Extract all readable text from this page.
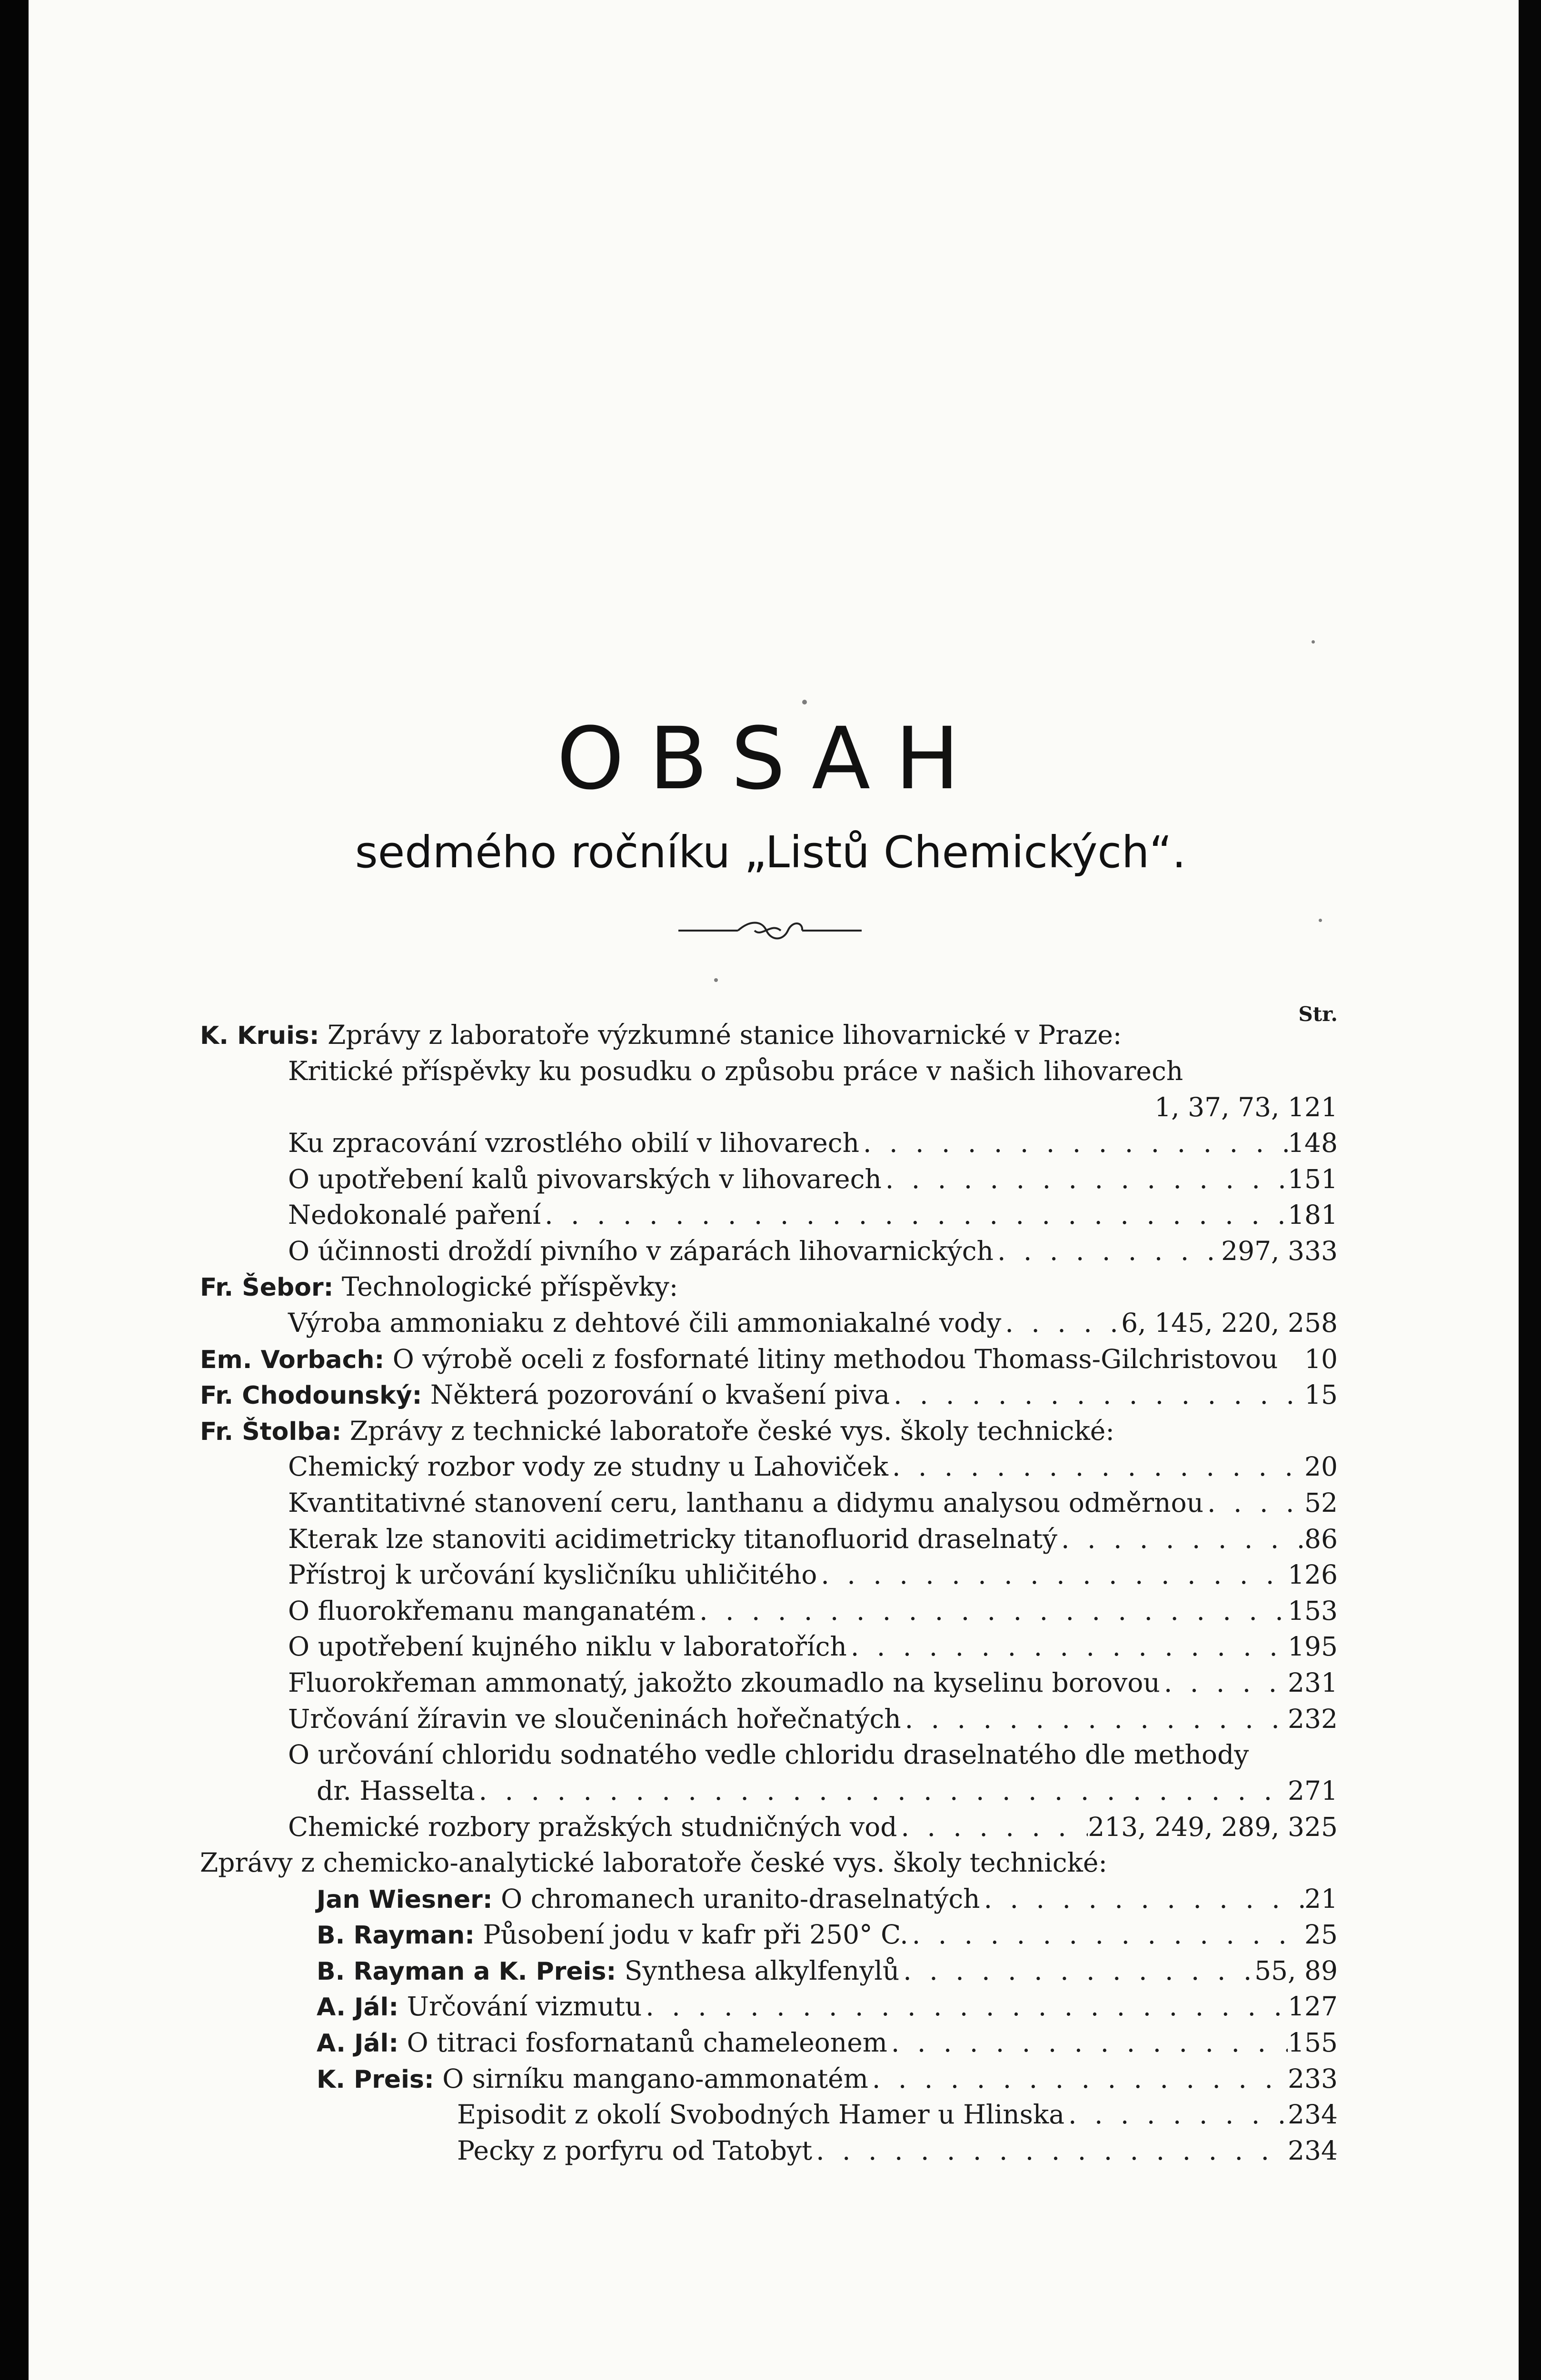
OBSAH
sedmého ročníku „Listů Chemických“.
Str.
K. Kruis:
Zprávy z laboratoře výzkumné stanice lihovarnické v Praze:
Kritické příspěvky ku posudku o způsobu práce v našich lihovarech
1, 37, 73, 121
Ku zpracování vzrostlého obilí v lihovarech . . .	148
O upotřebení kalů pivovarských v lihovarech . . .	151
Nedokonalé paření . . .	181
O účinnosti droždí pivního v záparách lihovarnických . . .	297, 333
Fr. Šebor:
Technologické příspěvky:
Výroba ammoniaku z dehtové čili ammoniakalné vody . . .	6, 145, 220, 258
Em. Vorbach:
O výrobě oceli z fosfornaté litiny methodou Thomass-Gilchristovou 10
Fr. Chodounský:
Některá pozorování o kvašení piva . . .	15
Fr. Štolba:
Zprávy z technické laboratoře české vys. školy technické:
Chemický rozbor vody ze studny u Lahoviček . . .	20
Kvantitativné stanovení ceru, lanthanu a didymu analysou odměrnou . . .	52
Kterak lze stanoviti acidimetricky titanofluorid draselnatý . . .	86
Přístroj k určování kysličníku uhličitého . . .	126
O fluorokřemanu manganatém . . .	153
O upotřebení kujného niklu v laboratořích . . .	195
Fluorokřeman ammonatý, jakožto zkoumadlo na kyselinu borovou . . .	231
Určování žíravin ve sloučeninách hořečnatých . . .	232
O určování chloridu sodnatého vedle chloridu draselnatého dle methody
dr. Hasselta . . .	271
Chemické rozbory pražských studničných vod . . .	213, 249, 289, 325
Zprávy z chemicko-analytické laboratoře české vys. školy technické:
Jan Wiesner:
O chromanech uranito-draselnatých . . .	21
B. Rayman:
Působení jodu v kafr při 250° C. . . .	25
B. Rayman a K. Preis:
Synthesa alkylfenylů . . .	55, 89
A. Jál:
Určování vizmutu . . .	127
A. Jál:
O titraci fosfornatanů chameleonem . . .	155
K. Preis:
O sirníku mangano-ammonatém . . .	233
Episodit z okolí Svobodných Hamer u Hlinska . . .	234
Pecky z porfyru od Tatobyt . . .	234
